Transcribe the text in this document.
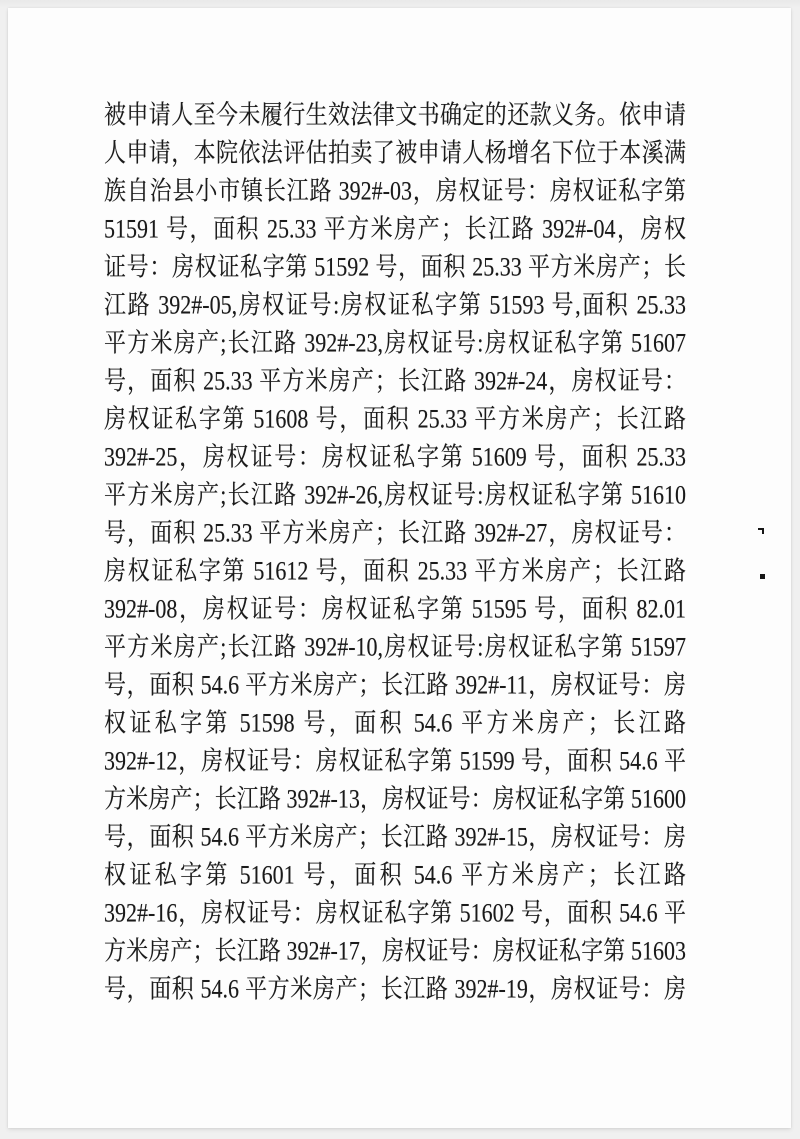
被申请人至今未履行生效法律文书确定的还款义务。依申请
人申请，本院依法评估拍卖了被申请人杨增名下位于本溪满
族自治县小市镇长江路 392#-03，房权证号：房权证私字第
51591 号，面积 25.33 平方米房产；长江路 392#-04，房权
证号：房权证私字第 51592 号，面积 25.33 平方米房产；长
江路 392#-05,房权证号:房权证私字第 51593 号,面积 25.33
平方米房产;长江路 392#-23,房权证号:房权证私字第 51607
号，面积 25.33 平方米房产；长江路 392#-24，房权证号：
房权证私字第 51608 号，面积 25.33 平方米房产；长江路
392#-25，房权证号：房权证私字第 51609 号，面积 25.33
平方米房产;长江路 392#-26,房权证号:房权证私字第 51610
号，面积 25.33 平方米房产；长江路 392#-27，房权证号：
房权证私字第 51612 号，面积 25.33 平方米房产；长江路
392#-08，房权证号：房权证私字第 51595 号，面积 82.01
平方米房产;长江路 392#-10,房权证号:房权证私字第 51597
号，面积 54.6 平方米房产；长江路 392#-11，房权证号：房
权证私字第 51598 号，面积 54.6 平方米房产；长江路
392#-12，房权证号：房权证私字第 51599 号，面积 54.6 平
方米房产；长江路 392#-13，房权证号：房权证私字第 51600
号，面积 54.6 平方米房产；长江路 392#-15，房权证号：房
权证私字第 51601 号，面积 54.6 平方米房产；长江路
392#-16，房权证号：房权证私字第 51602 号，面积 54.6 平
方米房产；长江路 392#-17，房权证号：房权证私字第 51603
号，面积 54.6 平方米房产；长江路 392#-19，房权证号：房
